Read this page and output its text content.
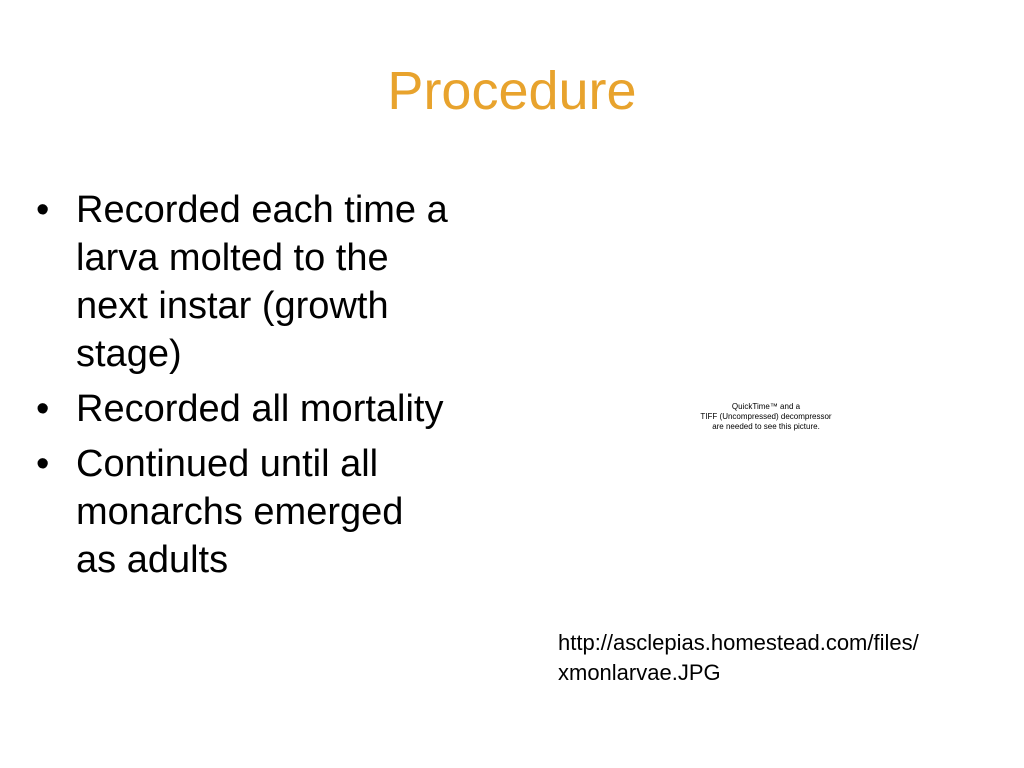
Procedure
• Recorded each time a
larva molted to the
next instar (growth
stage)
• Recorded all mortality
• Continued until all
monarchs emerged
as adults
QuickTime™ and a
TIFF (Uncompressed) decompressor
are needed to see this picture.
http://asclepias.homestead.com/files/
xmonlarvae.JPG
